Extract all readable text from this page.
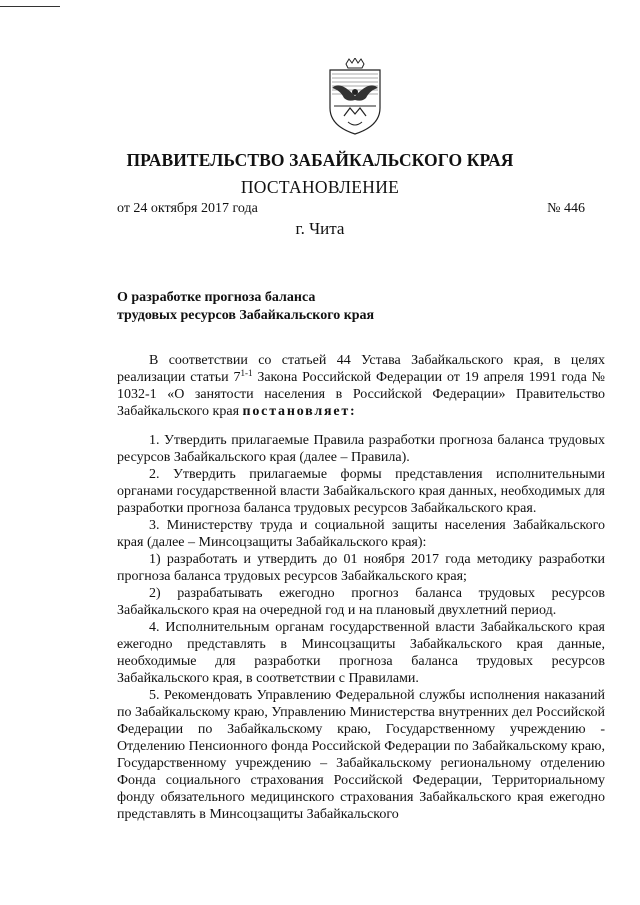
ПРАВИТЕЛЬСТВО ЗАБАЙКАЛЬСКОГО КРАЯ
ПОСТАНОВЛЕНИЕ
от 24 октября 2017 года	№ 446
г. Чита
О разработке прогноза баланса
трудовых ресурсов Забайкальского края

В соответствии со статьей 44 Устава Забайкальского края, в целях реализации статьи 7$^{1-1}$ Закона Российской Федерации от 19 апреля 1991 года № 1032-1 «О занятости населения в Российской Федерации» Правительство Забайкальского края постановляет:

1. Утвердить прилагаемые Правила разработки прогноза баланса трудовых ресурсов Забайкальского края (далее – Правила).

2. Утвердить прилагаемые формы представления исполнительными органами государственной власти Забайкальского края данных, необходимых для разработки прогноза баланса трудовых ресурсов Забайкальского края.

3. Министерству труда и социальной защиты населения Забайкальского края (далее – Минсоцзащиты Забайкальского края):

1) разработать и утвердить до 01 ноября 2017 года методику разработки прогноза баланса трудовых ресурсов Забайкальского края;

2) разрабатывать ежегодно прогноз баланса трудовых ресурсов Забайкальского края на очередной год и на плановый двухлетний период.

4. Исполнительным органам государственной власти Забайкальского края ежегодно представлять в Минсоцзащиты Забайкальского края данные, необходимые для разработки прогноза баланса трудовых ресурсов Забайкальского края, в соответствии с Правилами.

5. Рекомендовать Управлению Федеральной службы исполнения наказаний по Забайкальскому краю, Управлению Министерства внутренних дел Российской Федерации по Забайкальскому краю, Государственному учреждению - Отделению Пенсионного фонда Российской Федерации по Забайкальскому краю, Государственному учреждению – Забайкальскому региональному отделению Фонда социального страхования Российской Федерации, Территориальному фонду обязательного медицинского страхования Забайкальского края ежегодно представлять в Минсоцзащиты Забайкальского
